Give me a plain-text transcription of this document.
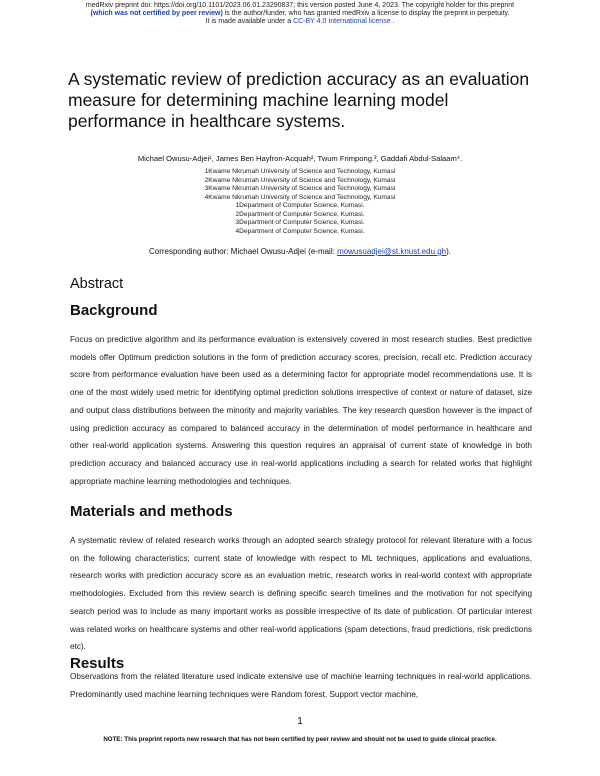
medRxiv preprint doi: https://doi.org/10.1101/2023.06.01.23290837; this version posted June 4, 2023. The copyright holder for this preprint
(which was not certified by peer review) is the author/funder, who has granted medRxiv a license to display the preprint in perpetuity.
It is made available under a CC-BY 4.0 International license .
A systematic review of prediction accuracy as an evaluation measure for determining machine learning model performance in healthcare systems.
Michael Owusu-Adjei¹, James Ben Hayfron-Acquah², Twum Frimpong.³, Gaddafi Abdul-Salaam⁴.
1Kwame Nkrumah University of Science and Technology, Kumasi
2Kwame Nkrumah University of Science and Technology, Kumasi
3Kwame Nkrumah University of Science and Technology, Kumasi
4Kwame Nkrumah University of Science and Technology, Kumasi
1Department of Computer Science, Kumasi.
2Department of Computer Science, Kumasi.
3Department of Computer Science, Kumasi.
4Department of Computer Science, Kumasi.
Corresponding author: Michael Owusu-Adjei (e-mail: mowusuadjei@st.knust.edu.gh).
Abstract
Background
Focus on predictive algorithm and its performance evaluation is extensively covered in most research studies. Best predictive models offer Optimum prediction solutions in the form of prediction accuracy scores, precision, recall etc. Prediction accuracy score from performance evaluation have been used as a determining factor for appropriate model recommendations use. It is one of the most widely used metric for identifying optimal prediction solutions irrespective of context or nature of dataset, size and output class distributions between the minority and majority variables. The key research question however is the impact of using prediction accuracy as compared to balanced accuracy in the determination of model performance in healthcare and other real-world application systems. Answering this question requires an appraisal of current state of knowledge in both prediction accuracy and balanced accuracy use in real-world applications including a search for related works that highlight appropriate machine learning methodologies and techniques.
Materials and methods
A systematic review of related research works through an adopted search strategy protocol for relevant literature with a focus on the following characteristics; current state of knowledge with respect to ML techniques, applications and evaluations, research works with prediction accuracy score as an evaluation metric, research works in real-world context with appropriate methodologies. Excluded from this review search is defining specific search timelines and the motivation for not specifying search period was to include as many important works as possible irrespective of its date of publication. Of particular interest was related works on healthcare systems and other real-world applications (spam detections, fraud predictions, risk predictions etc).
Results
Observations from the related literature used indicate extensive use of machine learning techniques in real-world applications. Predominantly used machine learning techniques were Random forest, Support vector machine,
1
NOTE: This preprint reports new research that has not been certified by peer review and should not be used to guide clinical practice.
